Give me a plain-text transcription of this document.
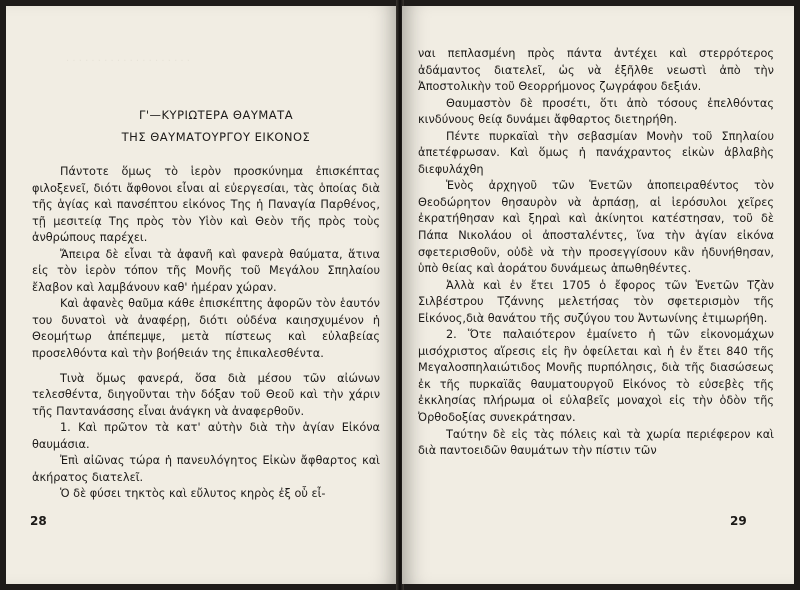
· · · · · · · · · · · · · · · · · · · ·
Γ'—ΚΥΡΙΩΤΕΡΑ ΘΑΥΜΑΤΑ
ΤΗΣ ΘΑΥΜΑΤΟΥΡΓΟΥ ΕΙΚΟΝΟΣ

Πάντοτε ὅμως τὸ ἱερὸν προσκύνημα ἐπισκέπτας φιλοξενεῖ, διότι ἄφθονοι εἶναι αἱ εὐεργεσίαι, τὰς ὁποίας διὰ τῆς ἁγίας καὶ πανσέπτου εἰκόνος Της ἡ Παναγία Παρθένος, τῇ μεσιτείᾳ Της πρὸς τὸν Υἱὸν καὶ Θεὸν τῆς πρὸς τοὺς ἀνθρώπους παρέχει.

Ἄπειρα δὲ εἶναι τὰ ἀφανῆ καὶ φανερὰ θαύματα, ἅτινα εἰς τὸν ἱερὸν τόπον τῆς Μονῆς τοῦ Μεγάλου Σπηλαίου ἔλαβον καὶ λαμβάνουν καθ' ἡμέραν χώραν.

Καὶ ἀφανὲς θαῦμα κάθε ἐπισκέπτης ἀφορῶν τὸν ἑαυτόν του δυνατοὶ νὰ ἀναφέρῃ, διότι οὐδένα καιησχυμένον ἡ Θεομήτωρ ἀπέπεμψε, μετὰ πίστεως καὶ εὐλαβείας προσελθόντα καὶ τὴν βοήθειάν της ἐπικαλεσθέντα.

Τινὰ ὅμως φανερά, ὅσα διὰ μέσου τῶν αἰώνων τελεσθέντα, διηγοῦνται τὴν δόξαν τοῦ Θεοῦ καὶ τὴν χάριν τῆς Παντανάσσης εἶναι ἀνάγκη νὰ ἀναφερθοῦν.

1. Καὶ πρῶτον τὰ κατ' αὐτὴν διὰ τὴν ἁγίαν Εἰκόνα θαυμάσια.

Ἐπὶ αἰῶνας τώρα ἡ πανευλόγητος Εἰκὼν ἄφθαρτος καὶ ἀκήρατος διατελεῖ.

Ὁ δὲ φύσει τηκτὸς καὶ εὔλυτος κηρὸς ἐξ οὗ εἶ-

28

ναι πεπλασμένη πρὸς πάντα ἀντέχει καὶ στερρότερος ἀδάμαντος διατελεῖ, ὡς νὰ ἐξῆλθε νεωστὶ ἀπὸ τὴν Ἀποστολικὴν τοῦ Θεορρήμονος ζωγράφου δεξιάν.

Θαυμαστὸν δὲ προσέτι, ὅτι ἀπὸ τόσους ἐπελθόντας κινδύνους θείᾳ δυνάμει ἄφθαρτος διετηρήθη.

Πέντε πυρκαϊαὶ τὴν σεβασμίαν Μονὴν τοῦ Σπηλαίου ἀπετέφρωσαν. Καὶ ὅμως ἡ πανάχραντος εἰκὼν ἀβλαβὴς διεφυλάχθη

Ἑνὸς ἀρχηγοῦ τῶν Ἑνετῶν ἀποπειραθέντος τὸν Θεοδώρητον θησαυρὸν νὰ ἁρπάσῃ, αἱ ἱερόσυλοι χεῖρες ἐκρατήθησαν καὶ ξηραὶ καὶ ἀκίνητοι κατέστησαν, τοῦ δὲ Πάπα Νικολάου οἱ ἀποσταλέντες, ἵνα τὴν ἁγίαν εἰκόνα σφετερισθοῦν, οὐδὲ νὰ τὴν προσεγγίσουν κἂν ἠδυνήθησαν, ὑπὸ θείας καὶ ἀοράτου δυνάμεως ἀπωθηθέντες.

Ἀλλὰ καὶ ἐν ἔτει 1705 ὁ ἔφορος τῶν Ἑνετῶν Τζὰν Σιλβέστρου Τζάννης μελετήσας τὸν σφετερισμὸν τῆς Εἰκόνος,διὰ θανάτου τῆς συζύγου του Ἀντωνίνης ἐτιμωρήθη.

2. Ὅτε παλαιότερον ἐμαίνετο ἡ τῶν εἰκονομάχων μισόχριστος αἵρεσις εἰς ἣν ὀφείλεται καὶ ἡ ἐν ἔτει 840 τῆς Μεγαλοσπηλαιώτιδος Μονῆς πυρπόλησις, διὰ τῆς διασώσεως ἐκ τῆς πυρκαϊᾶς θαυματουργοῦ Εἰκόνος τὸ εὐσεβὲς τῆς ἐκκλησίας πλήρωμα οἱ εὐλαβεῖς μοναχοὶ εἰς τὴν ὁδὸν τῆς Ὀρθοδοξίας συνεκράτησαν.

Ταύτην δὲ εἰς τὰς πόλεις καὶ τὰ χωρία περιέφερον καὶ διὰ παντοειδῶν θαυμάτων τὴν πίστιν τῶν

29
